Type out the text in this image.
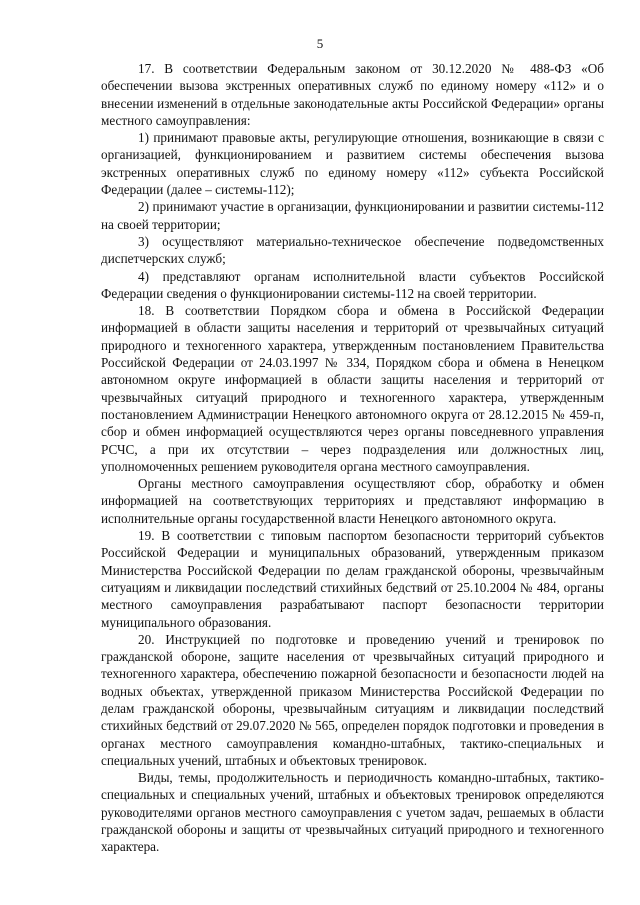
5

17. В соответствии Федеральным законом от 30.12.2020 № 488-ФЗ «Об обеспечении вызова экстренных оперативных служб по единому номеру «112» и о внесении изменений в отдельные законодательные акты Российской Федерации» органы местного самоуправления:

1) принимают правовые акты, регулирующие отношения, возникающие в связи с организацией, функционированием и развитием системы обеспечения вызова экстренных оперативных служб по единому номеру «112» субъекта Российской Федерации (далее – системы-112);

2) принимают участие в организации, функционировании и развитии системы-112 на своей территории;

3) осуществляют материально-техническое обеспечение подведомственных диспетчерских служб;

4) представляют органам исполнительной власти субъектов Российской Федерации сведения о функционировании системы-112 на своей территории.

18. В соответствии Порядком сбора и обмена в Российской Федерации информацией в области защиты населения и территорий от чрезвычайных ситуаций природного и техногенного характера, утвержденным постановлением Правительства Российской Федерации от 24.03.1997 № 334, Порядком сбора и обмена в Ненецком автономном округе информацией в области защиты населения и территорий от чрезвычайных ситуаций природного и техногенного характера, утвержденным постановлением Администрации Ненецкого автономного округа от 28.12.2015 № 459-п, сбор и обмен информацией осуществляются через органы повседневного управления РСЧС, а при их отсутствии – через подразделения или должностных лиц, уполномоченных решением руководителя органа местного самоуправления.

Органы местного самоуправления осуществляют сбор, обработку и обмен информацией на соответствующих территориях и представляют информацию в исполнительные органы государственной власти Ненецкого автономного округа.

19. В соответствии с типовым паспортом безопасности территорий субъектов Российской Федерации и муниципальных образований, утвержденным приказом Министерства Российской Федерации по делам гражданской обороны, чрезвычайным ситуациям и ликвидации последствий стихийных бедствий от 25.10.2004 № 484, органы местного самоуправления разрабатывают паспорт безопасности территории муниципального образования.

20. Инструкцией по подготовке и проведению учений и тренировок по гражданской обороне, защите населения от чрезвычайных ситуаций природного и техногенного характера, обеспечению пожарной безопасности и безопасности людей на водных объектах, утвержденной приказом Министерства Российской Федерации по делам гражданской обороны, чрезвычайным ситуациям и ликвидации последствий стихийных бедствий от 29.07.2020 № 565, определен порядок подготовки и проведения в органах местного самоуправления командно-штабных, тактико-специальных и специальных учений, штабных и объектовых тренировок.

Виды, темы, продолжительность и периодичность командно-штабных, тактико-специальных и специальных учений, штабных и объектовых тренировок определяются руководителями органов местного самоуправления с учетом задач, решаемых в области гражданской обороны и защиты от чрезвычайных ситуаций природного и техногенного характера.
